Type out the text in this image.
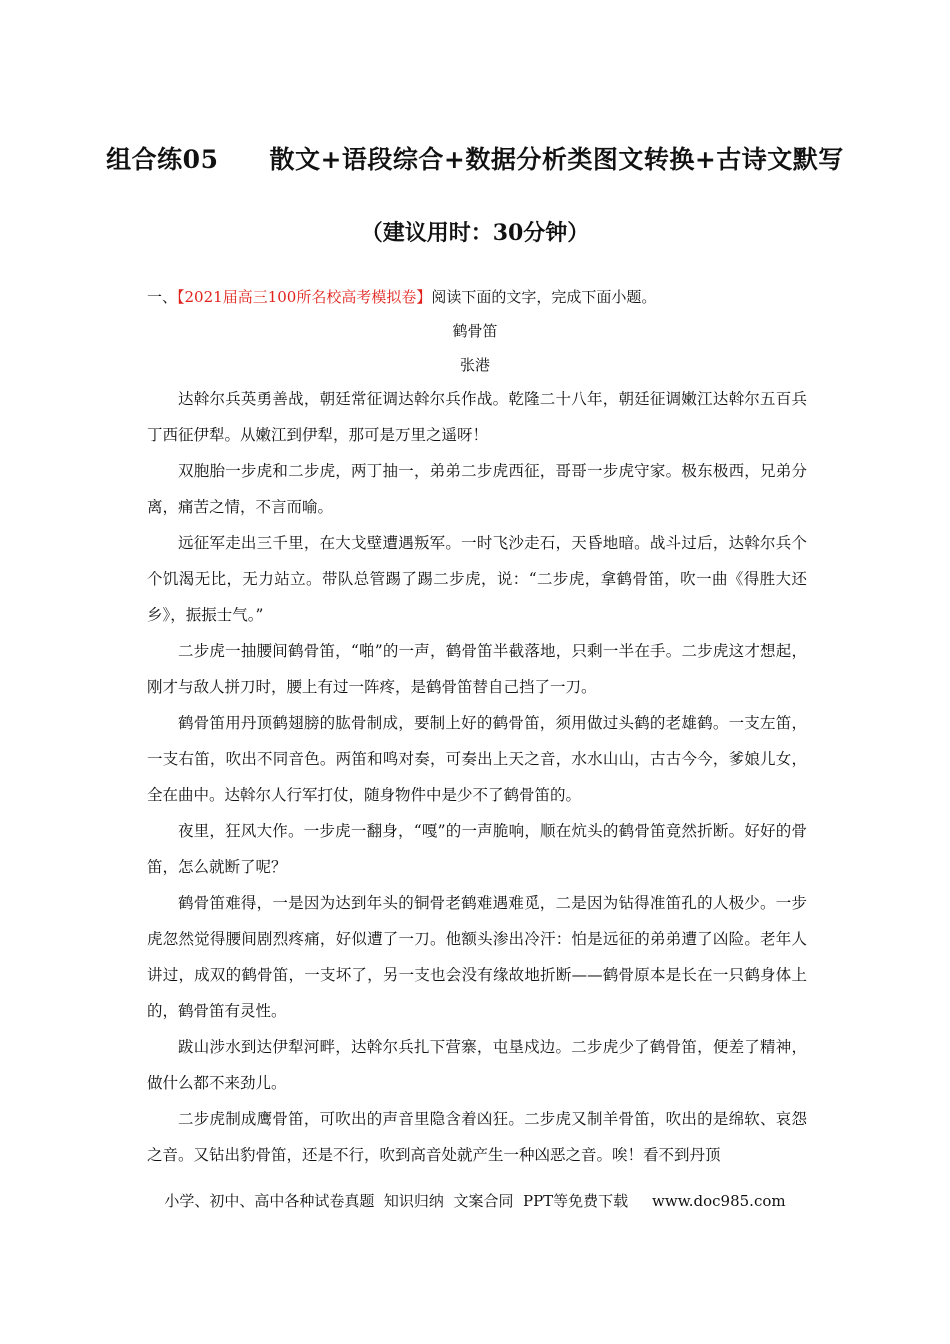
组合练05　　散文+语段综合+数据分析类图文转换+古诗文默写
（建议用时：30分钟）
一、【2021届高三100所名校高考模拟卷】阅读下面的文字，完成下面小题。
鹤骨笛
张港

达斡尔兵英勇善战，朝廷常征调达斡尔兵作战。乾隆二十八年，朝廷征调嫩江达斡尔五百兵丁西征伊犁。从嫩江到伊犁，那可是万里之遥呀！

双胞胎一步虎和二步虎，两丁抽一，弟弟二步虎西征，哥哥一步虎守家。极东极西，兄弟分离，痛苦之情，不言而喻。

远征军走出三千里，在大戈壁遭遇叛军。一时飞沙走石，天昏地暗。战斗过后，达斡尔兵个个饥渴无比，无力站立。带队总管踢了踢二步虎，说：“二步虎，拿鹤骨笛，吹一曲《得胜大还乡》，振振士气。”

二步虎一抽腰间鹤骨笛，“啪”的一声，鹤骨笛半截落地，只剩一半在手。二步虎这才想起，刚才与敌人拼刀时，腰上有过一阵疼，是鹤骨笛替自己挡了一刀。

鹤骨笛用丹顶鹤翅膀的肱骨制成，要制上好的鹤骨笛，须用做过头鹤的老雄鹤。一支左笛，一支右笛，吹出不同音色。两笛和鸣对奏，可奏出上天之音，水水山山，古古今今，爹娘儿女，全在曲中。达斡尔人行军打仗，随身物件中是少不了鹤骨笛的。

夜里，狂风大作。一步虎一翻身，“嘎”的一声脆响，顺在炕头的鹤骨笛竟然折断。好好的骨笛，怎么就断了呢？

鹤骨笛难得，一是因为达到年头的铜骨老鹤难遇难觅，二是因为钻得准笛孔的人极少。一步虎忽然觉得腰间剧烈疼痛，好似遭了一刀。他额头渗出冷汗：怕是远征的弟弟遭了凶险。老年人讲过，成双的鹤骨笛，一支坏了，另一支也会没有缘故地折断——鹤骨原本是长在一只鹤身体上的，鹤骨笛有灵性。

跋山涉水到达伊犁河畔，达斡尔兵扎下营寨，屯垦戍边。二步虎少了鹤骨笛，便差了精神，做什么都不来劲儿。

二步虎制成鹰骨笛，可吹出的声音里隐含着凶狂。二步虎又制羊骨笛，吹出的是绵软、哀怨之音。又钻出豹骨笛，还是不行，吹到高音处就产生一种凶恶之音。唉！看不到丹顶

小学、初中、高中各种试卷真题  知识归纳  文案合同  PPT等免费下载     www.doc985.com
